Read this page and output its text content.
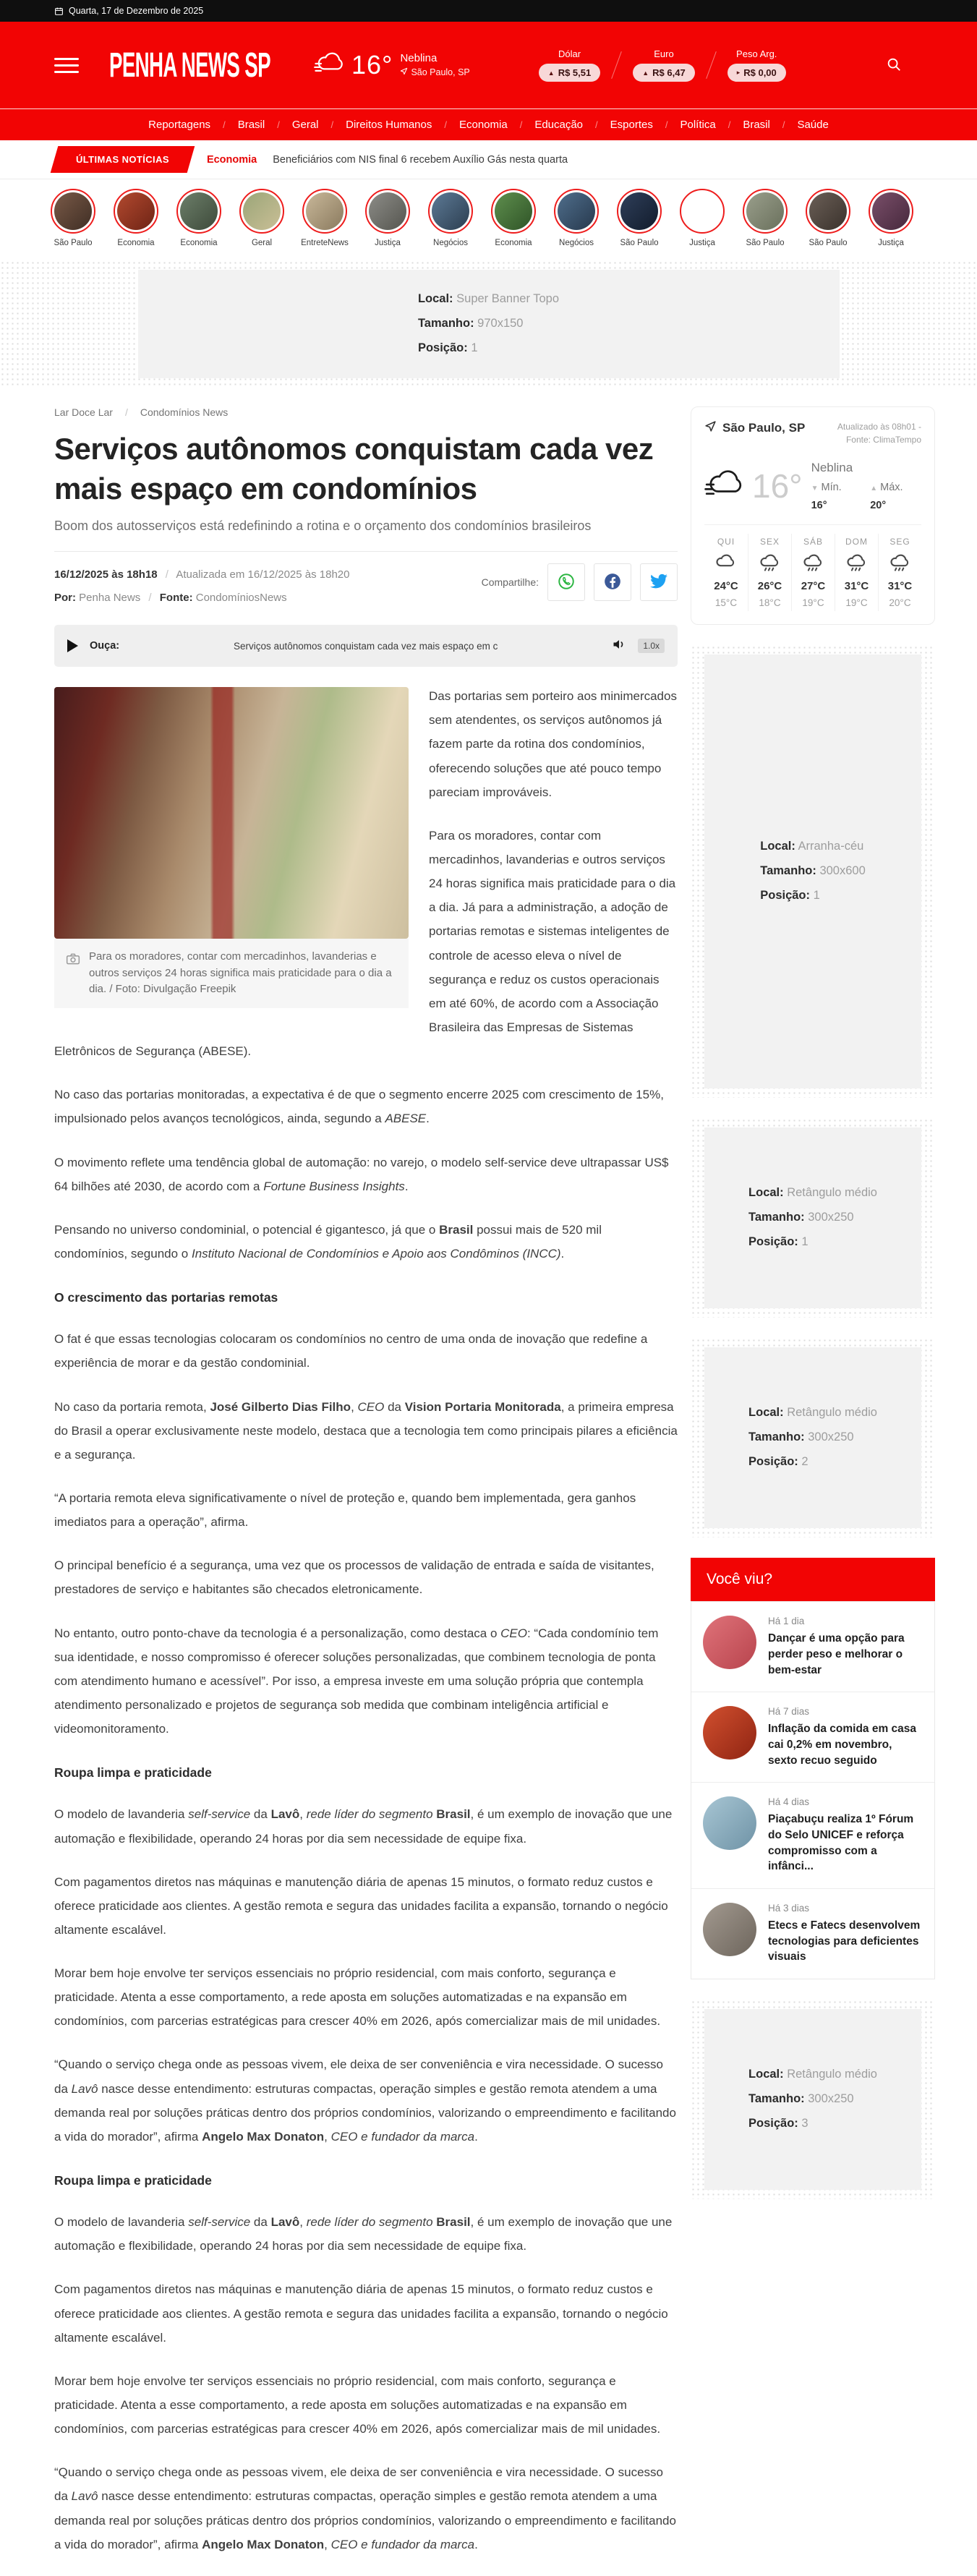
Quarta, 17 de Dezembro de 2025
PENHA NEWS SP	16° Neblina

São Paulo, SP
Dólar
▲ R$ 5,51
Euro
▲ R$ 6,47
Peso Arg.
▸ R$ 0,00
Reportagens / Brasil / Geral / Direitos Humanos / Economia / Educação / Esportes / Política / Brasil / Saúde
ÚLTIMAS NOTÍCIAS	Economia Beneficiários com NIS final 6 recebem Auxílio Gás nesta quarta
São Paulo	Economia	Economia	Geral	EntreteNews	Justiça	Negócios	Economia	Negócios	São Paulo	Justiça	São Paulo	São Paulo	Justiça
Local: Super Banner Topo
Tamanho: 970x150
Posição: 1
Lar Doce Lar / Condomínios News
Serviços autônomos conquistam cada vez mais espaço em condomínios

Boom dos autosserviços está redefinindo a rotina e o orçamento dos condomínios brasileiros

16/12/2025 às 18h18 / Atualizada em 16/12/2025 às 18h20
Por: Penha News / Fonte: CondomíniosNews
Compartilhe:
Ouça:	Serviços autônomos conquistam cada vez mais espaço em c	1.0x
Para os moradores, contar com mercadinhos, lavanderias e outros serviços 24 horas significa mais praticidade para o dia a dia. / Foto: Divulgação Freepik

Das portarias sem porteiro aos minimercados sem atendentes, os serviços autônomos já fazem parte da rotina dos condomínios, oferecendo soluções que até pouco tempo pareciam improváveis.

Para os moradores, contar com mercadinhos, lavanderias e outros serviços 24 horas significa mais praticidade para o dia a dia. Já para a administração, a adoção de portarias remotas e sistemas inteligentes de controle de acesso eleva o nível de segurança e reduz os custos operacionais em até 60%, de acordo com a Associação Brasileira das Empresas de Sistemas Eletrônicos de Segurança (ABESE).

No caso das portarias monitoradas, a expectativa é de que o segmento encerre 2025 com crescimento de 15%, impulsionado pelos avanços tecnológicos, ainda, segundo a ABESE.

O movimento reflete uma tendência global de automação: no varejo, o modelo self-service deve ultrapassar US$ 64 bilhões até 2030, de acordo com a Fortune Business Insights.

Pensando no universo condominial, o potencial é gigantesco, já que o Brasil possui mais de 520 mil condomínios, segundo o Instituto Nacional de Condomínios e Apoio aos Condôminos (INCC).

O crescimento das portarias remotas

O fat é que essas tecnologias colocaram os condomínios no centro de uma onda de inovação que redefine a experiência de morar e da gestão condominial.

No caso da portaria remota, José Gilberto Dias Filho, CEO da Vision Portaria Monitorada, a primeira empresa do Brasil a operar exclusivamente neste modelo, destaca que a tecnologia tem como principais pilares a eficiência e a segurança.

“A portaria remota eleva significativamente o nível de proteção e, quando bem implementada, gera ganhos imediatos para a operação”, afirma.

O principal benefício é a segurança, uma vez que os processos de validação de entrada e saída de visitantes, prestadores de serviço e habitantes são checados eletronicamente.

No entanto, outro ponto-chave da tecnologia é a personalização, como destaca o CEO: “Cada condomínio tem sua identidade, e nosso compromisso é oferecer soluções personalizadas, que combinem tecnologia de ponta com atendimento humano e acessível”. Por isso, a empresa investe em uma solução própria que contempla atendimento personalizado e projetos de segurança sob medida que combinam inteligência artificial e videomonitoramento.

Roupa limpa e praticidade

O modelo de lavanderia self-service da Lavô, rede líder do segmento Brasil, é um exemplo de inovação que une automação e flexibilidade, operando 24 horas por dia sem necessidade de equipe fixa.

Com pagamentos diretos nas máquinas e manutenção diária de apenas 15 minutos, o formato reduz custos e oferece praticidade aos clientes. A gestão remota e segura das unidades facilita a expansão, tornando o negócio altamente escalável.

Morar bem hoje envolve ter serviços essenciais no próprio residencial, com mais conforto, segurança e praticidade. Atenta a esse comportamento, a rede aposta em soluções automatizadas e na expansão em condomínios, com parcerias estratégicas para crescer 40% em 2026, após comercializar mais de mil unidades.

“Quando o serviço chega onde as pessoas vivem, ele deixa de ser conveniência e vira necessidade. O sucesso da Lavô nasce desse entendimento: estruturas compactas, operação simples e gestão remota atendem a uma demanda real por soluções práticas dentro dos próprios condomínios, valorizando o empreendimento e facilitando a vida do morador”, afirma Angelo Max Donaton, CEO e fundador da marca.

Roupa limpa e praticidade

O modelo de lavanderia self-service da Lavô, rede líder do segmento Brasil, é um exemplo de inovação que une automação e flexibilidade, operando 24 horas por dia sem necessidade de equipe fixa.

Com pagamentos diretos nas máquinas e manutenção diária de apenas 15 minutos, o formato reduz custos e oferece praticidade aos clientes. A gestão remota e segura das unidades facilita a expansão, tornando o negócio altamente escalável.

Morar bem hoje envolve ter serviços essenciais no próprio residencial, com mais conforto, segurança e praticidade. Atenta a esse comportamento, a rede aposta em soluções automatizadas e na expansão em condomínios, com parcerias estratégicas para crescer 40% em 2026, após comercializar mais de mil unidades.

“Quando o serviço chega onde as pessoas vivem, ele deixa de ser conveniência e vira necessidade. O sucesso da Lavô nasce desse entendimento: estruturas compactas, operação simples e gestão remota atendem a uma demanda real por soluções práticas dentro dos próprios condomínios, valorizando o empreendimento e facilitando a vida do morador”, afirma Angelo Max Donaton, CEO e fundador da marca.

São Paulo, SP	Atualizado às 08h01 -
Fonte: ClimaTempo
16° Neblina
▼ Mín. 16°
▲ Máx. 20°
QUI
24°C
15°C
SEX
26°C
18°C
SÁB
27°C
19°C
DOM
31°C
19°C
SEG
31°C
20°C
Local: Arranha-céu
Tamanho: 300x600
Posição: 1
Local: Retângulo médio
Tamanho: 300x250
Posição: 1
Local: Retângulo médio
Tamanho: 300x250
Posição: 2
Você viu?
Há 1 dia
Dançar é uma opção para perder peso e melhorar o bem-estar
Há 7 dias
Inflação da comida em casa cai 0,2% em novembro, sexto recuo seguido
Há 4 dias
Piaçabuçu realiza 1º Fórum do Selo UNICEF e reforça compromisso com a infânci...
Há 3 dias
Etecs e Fatecs desenvolvem tecnologias para deficientes visuais
Local: Retângulo médio
Tamanho: 300x250
Posição: 3
